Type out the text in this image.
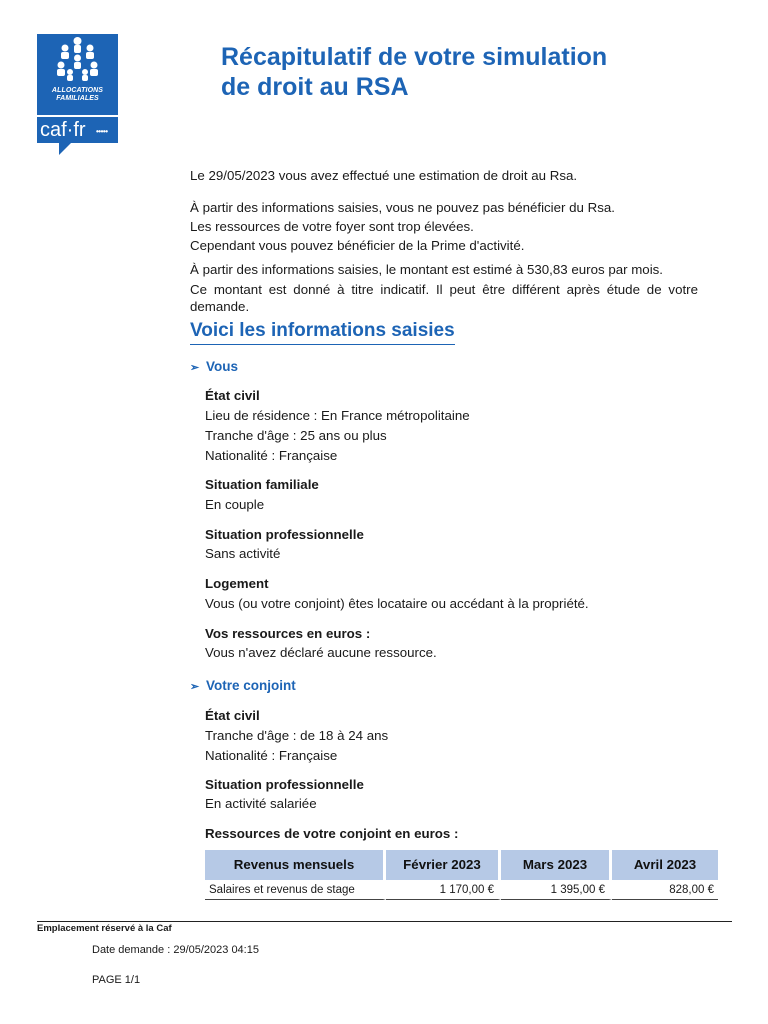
ALLOCATIONS
FAMILIALES
caf·fr •••••
Récapitulatif de votre simulation
de droit au RSA

Le 29/05/2023 vous avez effectué une estimation de droit au Rsa.

À partir des informations saisies, vous ne pouvez pas bénéficier du Rsa.

Les ressources de votre foyer sont trop élevées.

Cependant vous pouvez bénéficier de la Prime d'activité.

À partir des informations saisies, le montant est estimé à 530,83 euros par mois.

Ce montant est donné à titre indicatif. Il peut être différent après étude de votre demande.

Voici les informations saisies
➢ Vous
État civil
Lieu de résidence : En France métropolitaine
Tranche d'âge : 25 ans ou plus
Nationalité : Française
Situation familiale
En couple
Situation professionnelle
Sans activité
Logement
Vous (ou votre conjoint) êtes locataire ou accédant à la propriété.
Vos ressources en euros :
Vous n'avez déclaré aucune ressource.
➢ Votre conjoint
État civil
Tranche d'âge : de 18 à 24 ans
Nationalité : Française
Situation professionnelle
En activité salariée
Ressources de votre conjoint en euros :
Revenus mensuels	Février 2023	Mars 2023	Avril 2023
Salaires et revenus de stage	1 170,00 €	1 395,00 €	828,00 €
Emplacement réservé à la Caf
Date demande : 29/05/2023 04:15
PAGE 1/1
